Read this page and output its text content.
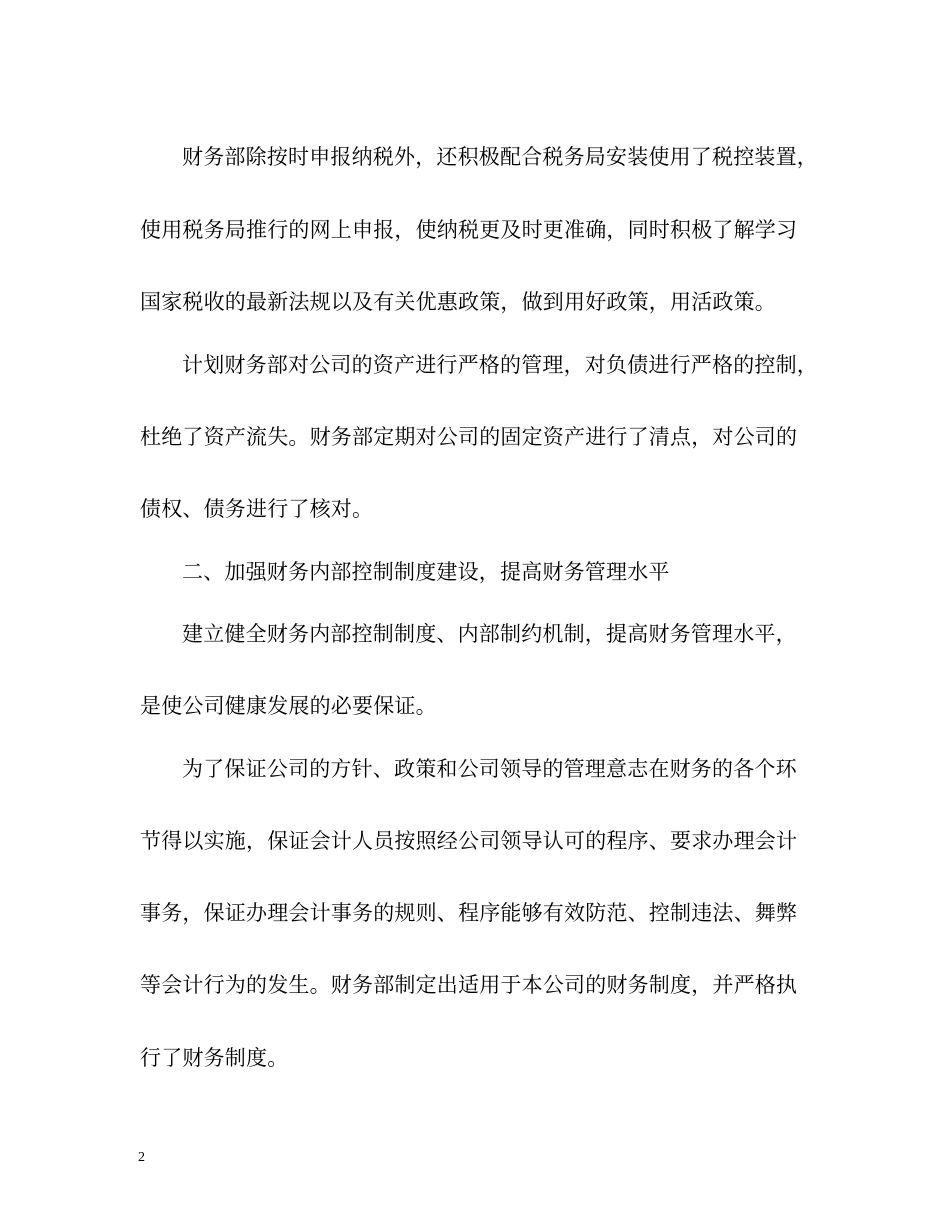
财务部除按时申报纳税外，还积极配合税务局安装使用了税控装置，
使用税务局推行的网上申报，使纳税更及时更准确，同时积极了解学习
国家税收的最新法规以及有关优惠政策，做到用好政策，用活政策。
计划财务部对公司的资产进行严格的管理，对负债进行严格的控制，
杜绝了资产流失。财务部定期对公司的固定资产进行了清点，对公司的
债权、债务进行了核对。
二、加强财务内部控制制度建设，提高财务管理水平
建立健全财务内部控制制度、内部制约机制，提高财务管理水平，
是使公司健康发展的必要保证。
为了保证公司的方针、政策和公司领导的管理意志在财务的各个环
节得以实施，保证会计人员按照经公司领导认可的程序、要求办理会计
事务，保证办理会计事务的规则、程序能够有效防范、控制违法、舞弊
等会计行为的发生。财务部制定出适用于本公司的财务制度，并严格执
行了财务制度。
2
